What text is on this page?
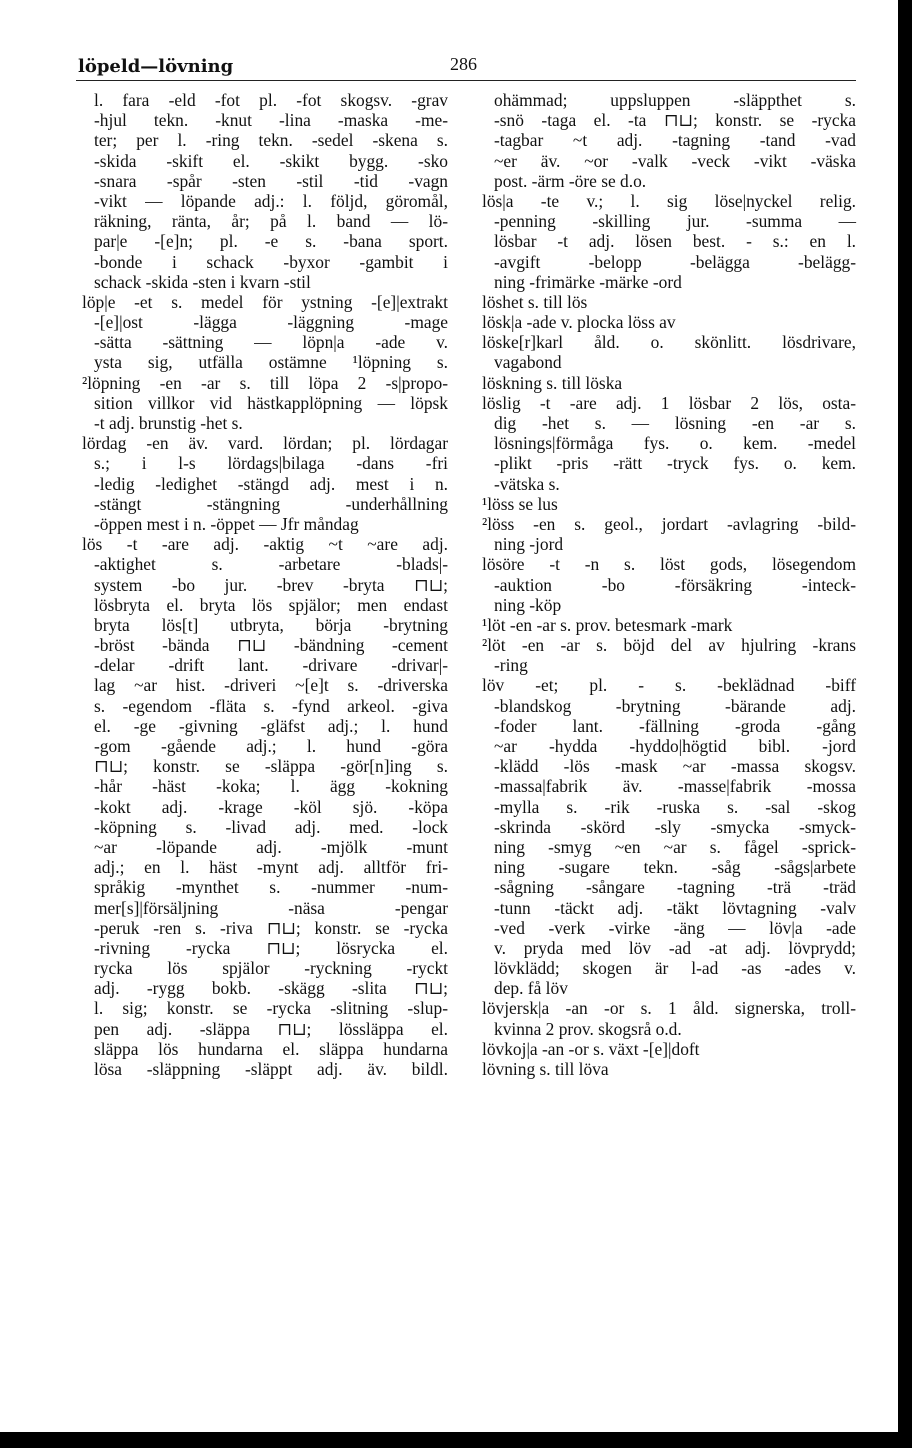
löpeld—lövning	286
l. fara -eld -fot pl. -fot skogsv. -grav
-hjul tekn. -knut -lina -maska -me-
ter; per l. -ring tekn. -sedel -skena s.
-skida -skift el. -skikt bygg. -sko
-snara -spår -sten -stil -tid -vagn
-vikt — löpande adj.: l. följd, göromål,
räkning, ränta, år; på l. band — lö-
par|e -[e]n; pl. -e s. -bana sport.
-bonde i schack -byxor -gambit i
schack -skida -sten i kvarn -stil
löp|e -et s. medel för ystning -[e]|extrakt
-[e]|ost -lägga -läggning -mage
-sätta -sättning — löpn|a -ade v.
ysta sig, utfälla ostämne ¹löpning s.
²löpning -en -ar s. till löpa 2 -s|propo-
sition villkor vid hästkapplöpning — löpsk
-t adj. brunstig -het s.
lördag -en äv. vard. lördan; pl. lördagar
s.; i l-s lördags|bilaga -dans -fri
-ledig -ledighet -stängd adj. mest i n.
-stängt -stängning -underhållning
-öppen mest i n. -öppet — Jfr måndag
lös -t -are adj. -aktig ~t ~are adj.
-aktighet s. -arbetare -blads|-
system -bo jur. -brev -bryta ⊓⊔;
lösbryta el. bryta lös spjälor; men endast
bryta lös[t] utbryta, börja -brytning
-bröst -bända ⊓⊔ -bändning -cement
-delar -drift lant. -drivare -drivar|-
lag ~ar hist. -driveri ~[e]t s. -driverska
s. -egendom -fläta s. -fynd arkeol. -giva
el. -ge -givning -gläfst adj.; l. hund
-gom -gående adj.; l. hund -göra
⊓⊔; konstr. se -släppa -gör[n]ing s.
-hår -häst -koka; l. ägg -kokning
-kokt adj. -krage -köl sjö. -köpa
-köpning s. -livad adj. med. -lock
~ar -löpande adj. -mjölk -munt
adj.; en l. häst -mynt adj. alltför fri-
språkig -mynthet s. -nummer -num-
mer[s]|försäljning -näsa -pengar
-peruk -ren s. -riva ⊓⊔; konstr. se -rycka
-rivning -rycka ⊓⊔; lösrycka el.
rycka lös spjälor -ryckning -ryckt
adj. -rygg bokb. -skägg -slita ⊓⊔;
l. sig; konstr. se -rycka -slitning -slup-
pen adj. -släppa ⊓⊔; lössläppa el.
släppa lös hundarna el. släppa hundarna
lösa -släppning -släppt adj. äv. bildl.
ohämmad; uppsluppen -släppthet s.
-snö -taga el. -ta ⊓⊔; konstr. se -rycka
-tagbar ~t adj. -tagning -tand -vad
~er äv. ~or -valk -veck -vikt -väska
post. -ärm -öre se d.o.
lös|a -te v.; l. sig löse|nyckel relig.
-penning -skilling jur. -summa —
lösbar -t adj. lösen best. - s.: en l.
-avgift -belopp -belägga -belägg-
ning -frimärke -märke -ord
löshet s. till lös
lösk|a -ade v. plocka löss av
löske[r]karl åld. o. skönlitt. lösdrivare,
vagabond
löskning s. till löska
löslig -t -are adj. 1 lösbar 2 lös, osta-
dig -het s. — lösning -en -ar s.
lösnings|förmåga fys. o. kem. -medel
-plikt -pris -rätt -tryck fys. o. kem.
-vätska s.
¹löss se lus
²löss -en s. geol., jordart -avlagring -bild-
ning -jord
lösöre -t -n s. löst gods, lösegendom
-auktion -bo -försäkring -inteck-
ning -köp
¹löt -en -ar s. prov. betesmark -mark
²löt -en -ar s. böjd del av hjulring -krans
-ring
löv -et; pl. - s. -beklädnad -biff
-blandskog -brytning -bärande adj.
-foder lant. -fällning -groda -gång
~ar -hydda -hyddo|högtid bibl. -jord
-klädd -lös -mask ~ar -massa skogsv.
-massa|fabrik äv. -masse|fabrik -mossa
-mylla s. -rik -ruska s. -sal -skog
-skrinda -skörd -sly -smycka -smyck-
ning -smyg ~en ~ar s. fågel -sprick-
ning -sugare tekn. -såg -sågs|arbete
-sågning -sångare -tagning -trä -träd
-tunn -täckt adj. -täkt lövtagning -valv
-ved -verk -virke -äng — löv|a -ade
v. pryda med löv -ad -at adj. lövprydd;
lövklädd; skogen är l-ad -as -ades v.
dep. få löv
lövjersk|a -an -or s. 1 åld. signerska, troll-
kvinna 2 prov. skogsrå o.d.
lövkoj|a -an -or s. växt -[e]|doft
lövning s. till lövа
